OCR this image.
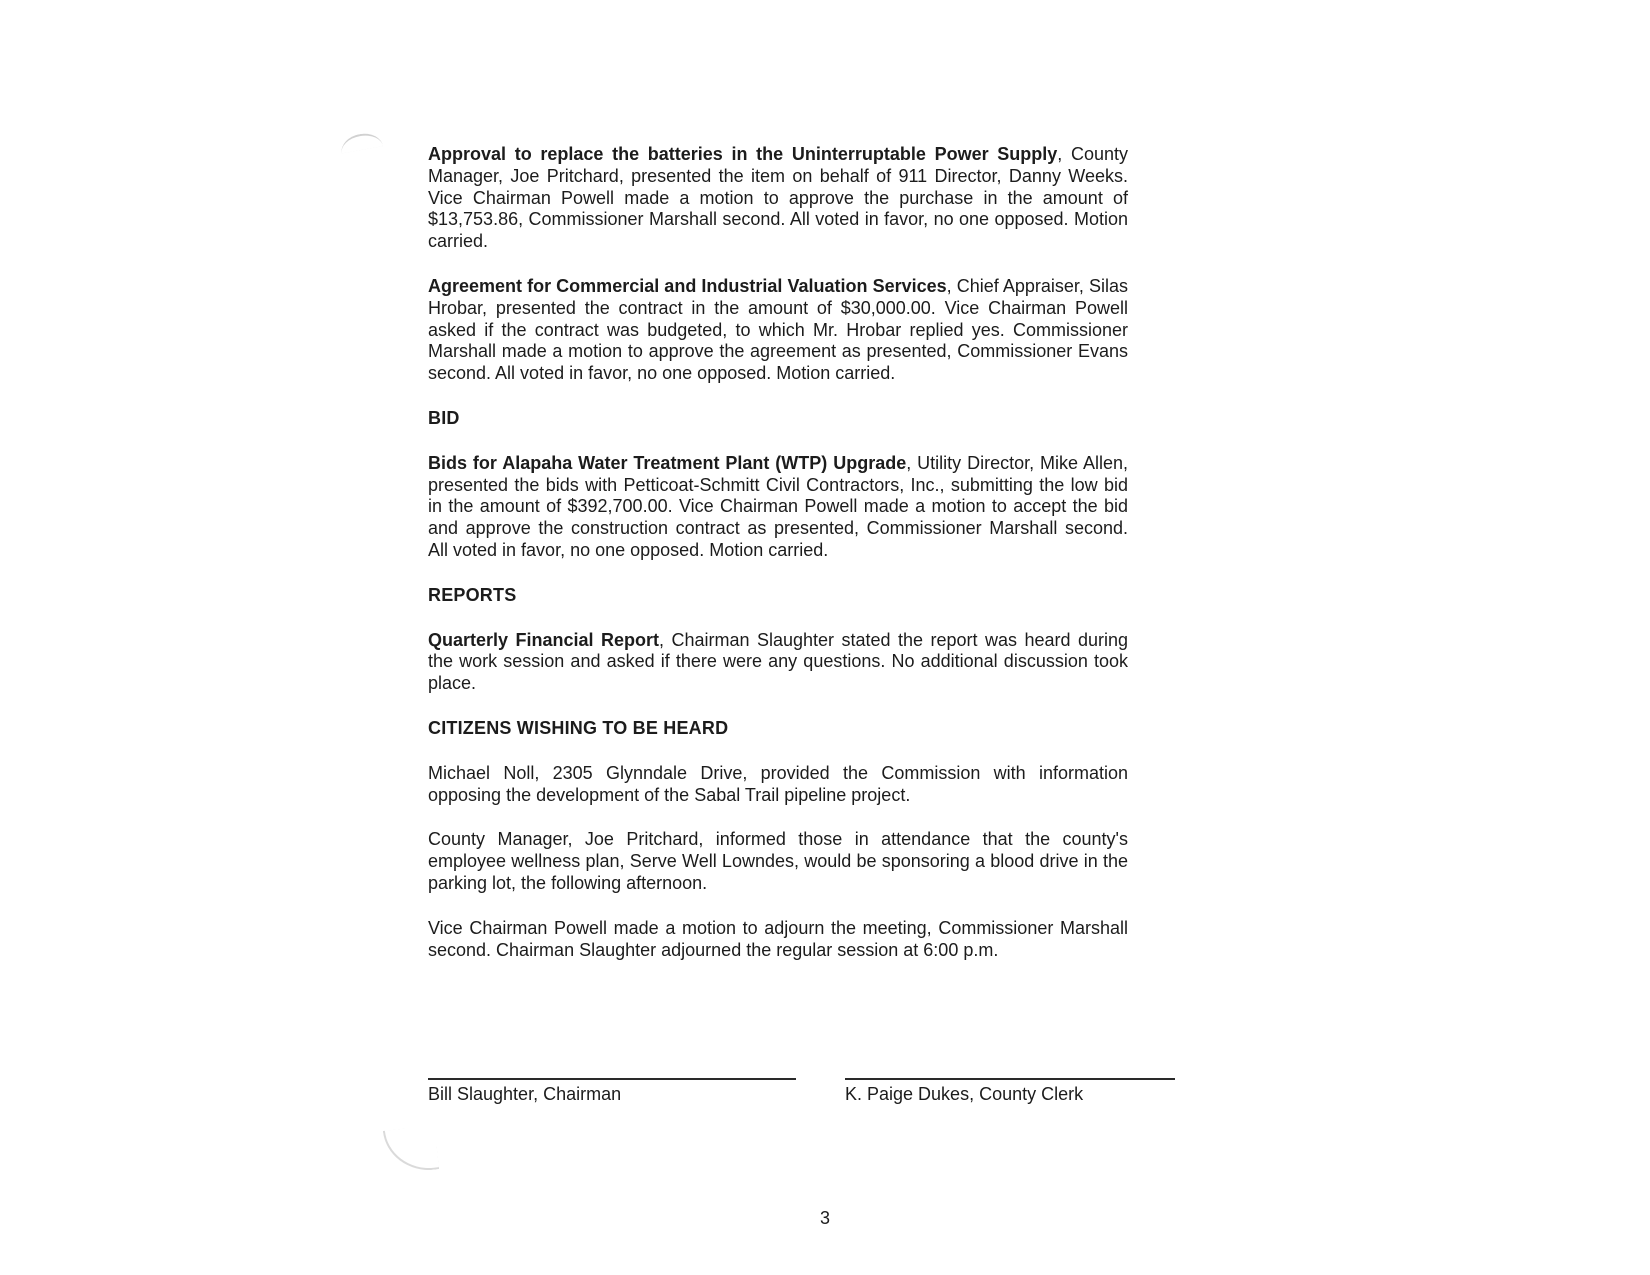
Approval to replace the batteries in the Uninterruptable Power Supply, County Manager, Joe Pritchard, presented the item on behalf of 911 Director, Danny Weeks. Vice Chairman Powell made a motion to approve the purchase in the amount of $13,753.86, Commissioner Marshall second. All voted in favor, no one opposed. Motion carried.

Agreement for Commercial and Industrial Valuation Services, Chief Appraiser, Silas Hrobar, presented the contract in the amount of $30,000.00. Vice Chairman Powell asked if the contract was budgeted, to which Mr. Hrobar replied yes. Commissioner Marshall made a motion to approve the agreement as presented, Commissioner Evans second. All voted in favor, no one opposed. Motion carried.

BID

Bids for Alapaha Water Treatment Plant (WTP) Upgrade, Utility Director, Mike Allen, presented the bids with Petticoat-Schmitt Civil Contractors, Inc., submitting the low bid in the amount of $392,700.00. Vice Chairman Powell made a motion to accept the bid and approve the construction contract as presented, Commissioner Marshall second. All voted in favor, no one opposed. Motion carried.

REPORTS

Quarterly Financial Report, Chairman Slaughter stated the report was heard during the work session and asked if there were any questions. No additional discussion took place.

CITIZENS WISHING TO BE HEARD

Michael Noll, 2305 Glynndale Drive, provided the Commission with information opposing the development of the Sabal Trail pipeline project.

County Manager, Joe Pritchard, informed those in attendance that the county's employee wellness plan, Serve Well Lowndes, would be sponsoring a blood drive in the parking lot, the following afternoon.

Vice Chairman Powell made a motion to adjourn the meeting, Commissioner Marshall second. Chairman Slaughter adjourned the regular session at 6:00 p.m.

Bill Slaughter, Chairman	K. Paige Dukes, County Clerk
3
